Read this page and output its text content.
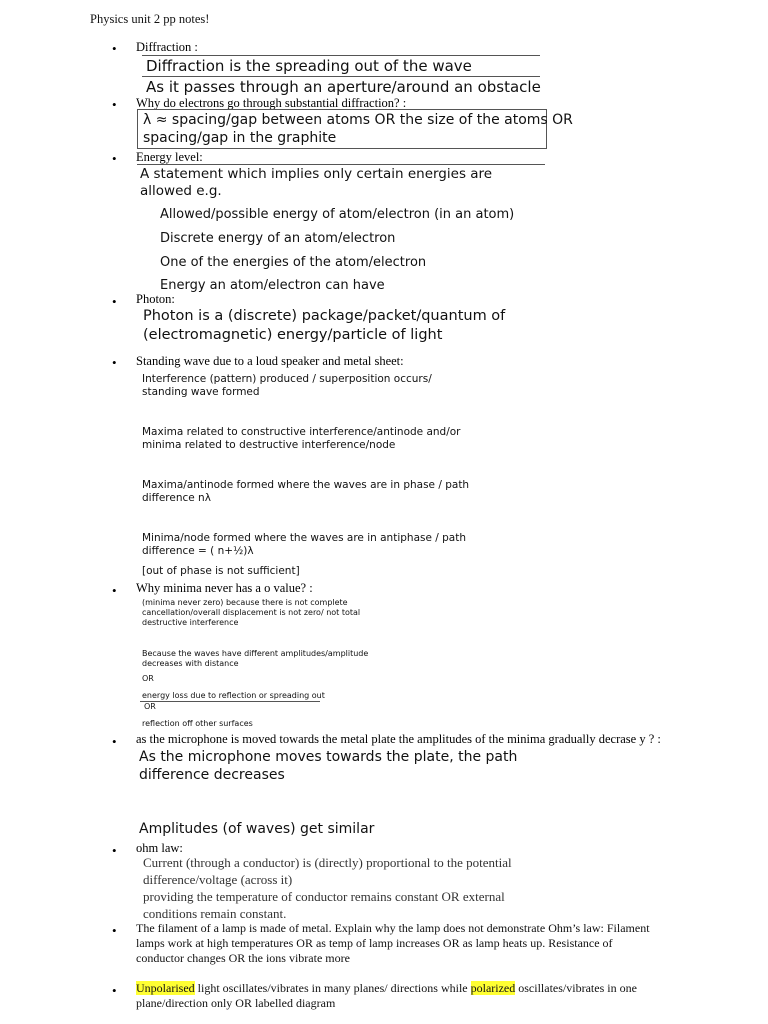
Physics unit 2 pp notes!
• Diffraction :
Diffraction is the spreading out of the wave
As it passes through an aperture/around an obstacle
• Why do electrons go through substantial diffraction? :
λ ≈ spacing/gap between atoms OR the size of the atoms OR
spacing/gap in the graphite
• Energy level:
A statement which implies only certain energies are
allowed e.g.
Allowed/possible energy of atom/electron (in an atom)
Discrete energy of an atom/electron
One of the energies of the atom/electron
Energy an atom/electron can have
• Photon:
Photon is a (discrete) package/packet/quantum of
(electromagnetic) energy/particle of light
• Standing wave due to a loud speaker and metal sheet:
Interference (pattern) produced / superposition occurs/
standing wave formed
Maxima related to constructive interference/antinode and/or
minima related to destructive interference/node
Maxima/antinode formed where the waves are in phase / path
difference nλ
Minima/node formed where the waves are in antiphase / path
difference = ( n+½)λ
[out of phase is not sufficient]
• Why minima never has a o value? :
(minima never zero) because there is not complete
cancellation/overall displacement is not zero/ not total
destructive interference
Because the waves have different amplitudes/amplitude
decreases with distance
OR
energy loss due to reflection or spreading out
OR
reflection off other surfaces
• as the microphone is moved towards the metal plate the amplitudes of the minima gradually decrase y ? :
As the microphone moves towards the plate, the path
difference decreases
Amplitudes (of waves) get similar
• ohm law:
Current (through a conductor) is (directly) proportional to the potential
difference/voltage (across it)
providing the temperature of conductor remains constant OR external
conditions remain constant.
• The filament of a lamp is made of metal. Explain why the lamp does not demonstrate Ohm’s law: Filament
lamps work at high temperatures OR as temp of lamp increases OR as lamp heats up. Resistance of
conductor changes OR the ions vibrate more
• Unpolarised light oscillates/vibrates in many planes/ directions while polarized oscillates/vibrates in one
plane/direction only OR labelled diagram
